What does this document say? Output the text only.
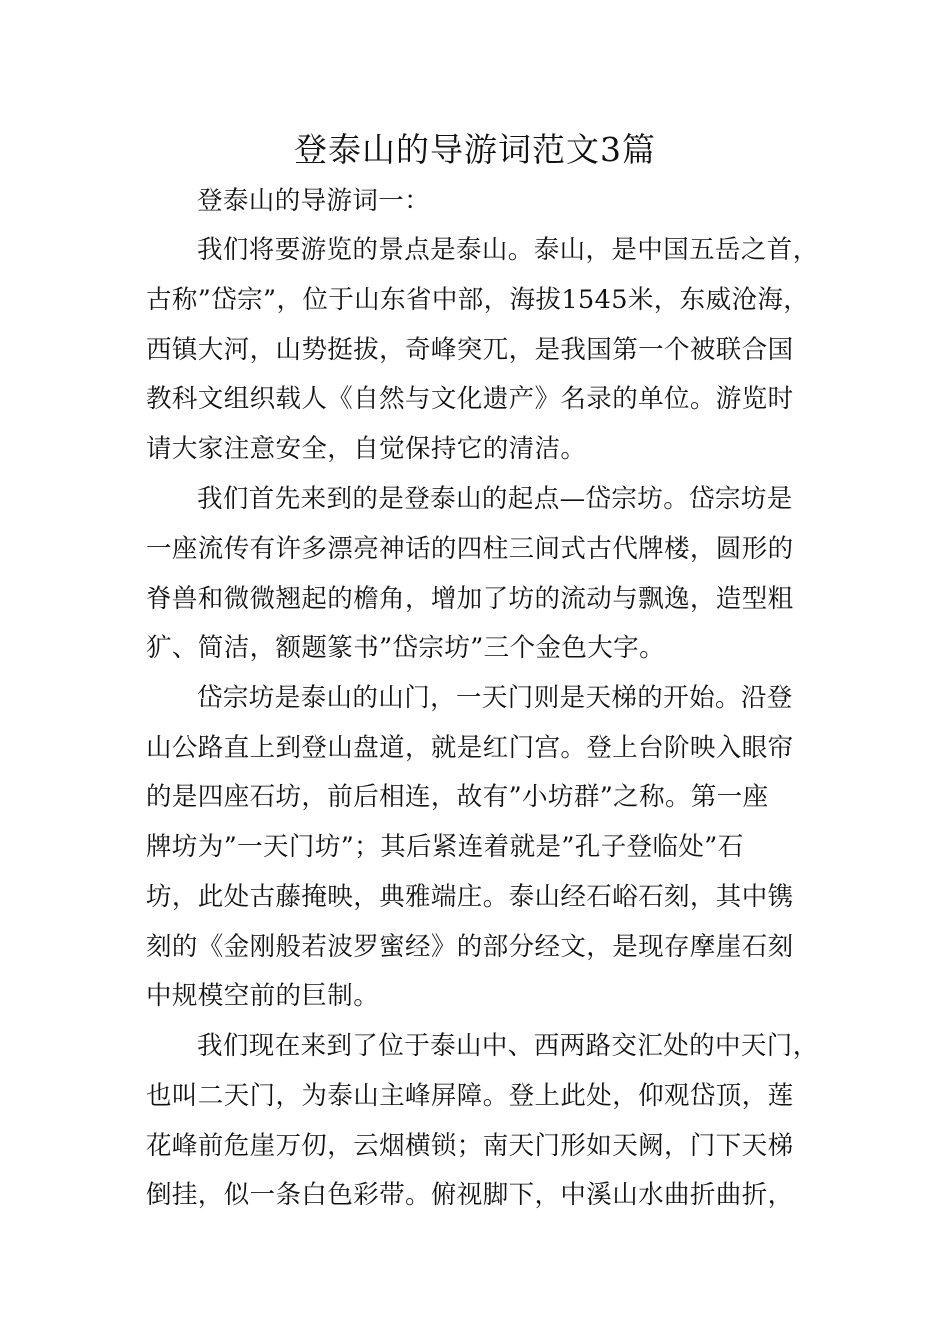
登泰山的导游词范文3篇
登泰山的导游词一：
我们将要游览的景点是泰山。泰山，是中国五岳之首，
古称”岱宗”，位于山东省中部，海拔1545米，东威沧海，
西镇大河，山势挺拔，奇峰突兀，是我国第一个被联合国
教科文组织载人《自然与文化遗产》名录的单位。游览时
请大家注意安全，自觉保持它的清洁。
我们首先来到的是登泰山的起点—岱宗坊。岱宗坊是
一座流传有许多漂亮神话的四柱三间式古代牌楼，圆形的
脊兽和微微翘起的檐角，增加了坊的流动与飘逸，造型粗
犷、简洁，额题篆书”岱宗坊”三个金色大字。
岱宗坊是泰山的山门，一天门则是天梯的开始。沿登
山公路直上到登山盘道，就是红门宫。登上台阶映入眼帘
的是四座石坊，前后相连，故有”小坊群”之称。第一座
牌坊为”一天门坊”；其后紧连着就是”孔子登临处”石
坊，此处古藤掩映，典雅端庄。泰山经石峪石刻，其中镌
刻的《金刚般若波罗蜜经》的部分经文，是现存摩崖石刻
中规模空前的巨制。
我们现在来到了位于泰山中、西两路交汇处的中天门，
也叫二天门，为泰山主峰屏障。登上此处，仰观岱顶，莲
花峰前危崖万仞，云烟横锁；南天门形如天阙，门下天梯
倒挂，似一条白色彩带。俯视脚下，中溪山水曲折曲折，
